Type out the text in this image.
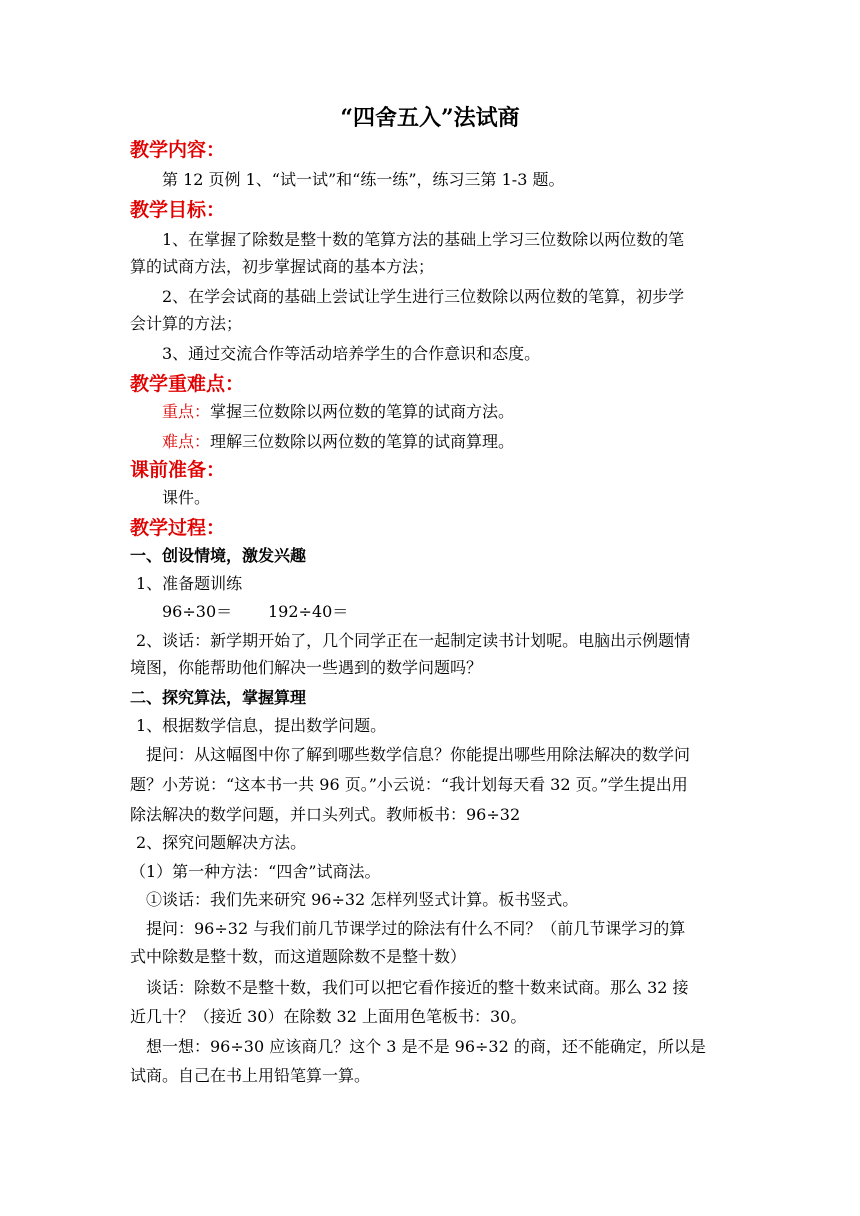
“四舍五入”法试商
教学内容：
第 12 页例 1、“试一试”和“练一练”，练习三第 1-3 题。
教学目标：
1、在掌握了除数是整十数的笔算方法的基础上学习三位数除以两位数的笔
算的试商方法，初步掌握试商的基本方法；
2、在学会试商的基础上尝试让学生进行三位数除以两位数的笔算，初步学
会计算的方法；
3、通过交流合作等活动培养学生的合作意识和态度。
教学重难点：
重点：掌握三位数除以两位数的笔算的试商方法。
难点：理解三位数除以两位数的笔算的试商算理。
课前准备：
课件。
教学过程：
一、创设情境，激发兴趣
1、准备题训练
96÷30＝ 192÷40＝
2、谈话：新学期开始了，几个同学正在一起制定读书计划呢。电脑出示例题情
境图，你能帮助他们解决一些遇到的数学问题吗？
二、探究算法，掌握算理
1、根据数学信息，提出数学问题。
提问：从这幅图中你了解到哪些数学信息？你能提出哪些用除法解决的数学问
题？小芳说：“这本书一共 96 页。”小云说：“我计划每天看 32 页。”学生提出用
除法解决的数学问题，并口头列式。教师板书：96÷32
2、探究问题解决方法。
（1）第一种方法：“四舍”试商法。
①谈话：我们先来研究 96÷32 怎样列竖式计算。板书竖式。
提问：96÷32 与我们前几节课学过的除法有什么不同？（前几节课学习的算
式中除数是整十数，而这道题除数不是整十数）
谈话：除数不是整十数，我们可以把它看作接近的整十数来试商。那么 32 接
近几十？（接近 30）在除数 32 上面用色笔板书：30。
想一想：96÷30 应该商几？这个 3 是不是 96÷32 的商，还不能确定，所以是
试商。自己在书上用铅笔算一算。
